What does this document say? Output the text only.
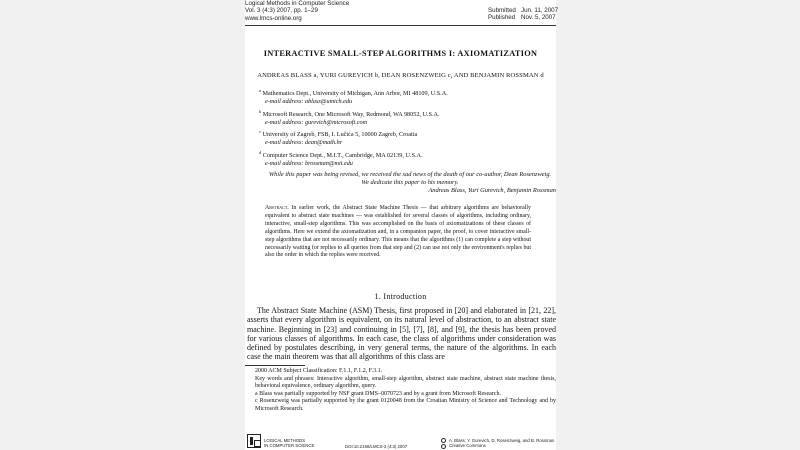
Logical Methods in Computer Science
Vol. 3 (4:3) 2007, pp. 1–29
www.lmcs-online.org
Submitted
Published
Jun. 11, 2007
Nov. 5, 2007
INTERACTIVE SMALL-STEP ALGORITHMS I: AXIOMATIZATION
ANDREAS BLASS a, YURI GUREVICH b, DEAN ROSENZWEIG c, AND BENJAMIN ROSSMAN d
$^a$ Mathematics Dept., University of Michigan, Ann Arbor, MI 48109, U.S.A.
e-mail address: ablass@umich.edu
$^b$ Microsoft Research, One Microsoft Way, Redmond, WA 98052, U.S.A.
e-mail address: gurevich@microsoft.com
$^c$ University of Zagreb, FSB, I. Lučića 5, 10000 Zagreb, Croatia
e-mail address: dean@math.hr
$^d$ Computer Science Dept., M.I.T., Cambridge, MA 02139, U.S.A.
e-mail address: brossman@mit.edu
While this paper was being revised, we received the sad news of the death of our co-author, Dean Rosenzweig. We dedicate this paper to his memory.
Andreas Blass, Yuri Gurevich, Benjamin Rossman
Abstract. In earlier work, the Abstract State Machine Thesis — that arbitrary algorithms are behaviorally equivalent to abstract state machines — was established for several classes of algorithms, including ordinary, interactive, small-step algorithms. This was accomplished on the basis of axiomatizations of these classes of algorithms. Here we extend the axiomatization and, in a companion paper, the proof, to cover interactive small-step algorithms that are not necessarily ordinary. This means that the algorithms (1) can complete a step without necessarily waiting for replies to all queries from that step and (2) can use not only the environment's replies but also the order in which the replies were received.
1. Introduction
The Abstract State Machine (ASM) Thesis, first proposed in [20] and elaborated in [21, 22], asserts that every algorithm is equivalent, on its natural level of abstraction, to an abstract state machine. Beginning in [23] and continuing in [5], [7], [8], and [9], the thesis has been proved for various classes of algorithms. In each case, the class of algorithms under consideration was defined by postulates describing, in very general terms, the nature of the algorithms. In each case the main theorem was that all algorithms of this class are
2000 ACM Subject Classification: F.1.1, F.1.2, F.3.1.
Key words and phrases: Interactive algorithm, small-step algorithm, abstract state machine, abstract state machine thesis, behavioral equivalence, ordinary algorithm, query.
a Blass was partially supported by NSF grant DMS–0070723 and by a grant from Microsoft Research.
c Rosenzweig was partially supported by the grant 0120048 from the Croatian Ministry of Science and Technology and by Microsoft Research.
LOGICAL METHODS
IN COMPUTER SCIENCE	DOI:10.2168/LMCS-3 (4:3) 2007
A. Blass, Y. Gurevich, D. Rosenzweig, and B. Rossman
Creative Commons
